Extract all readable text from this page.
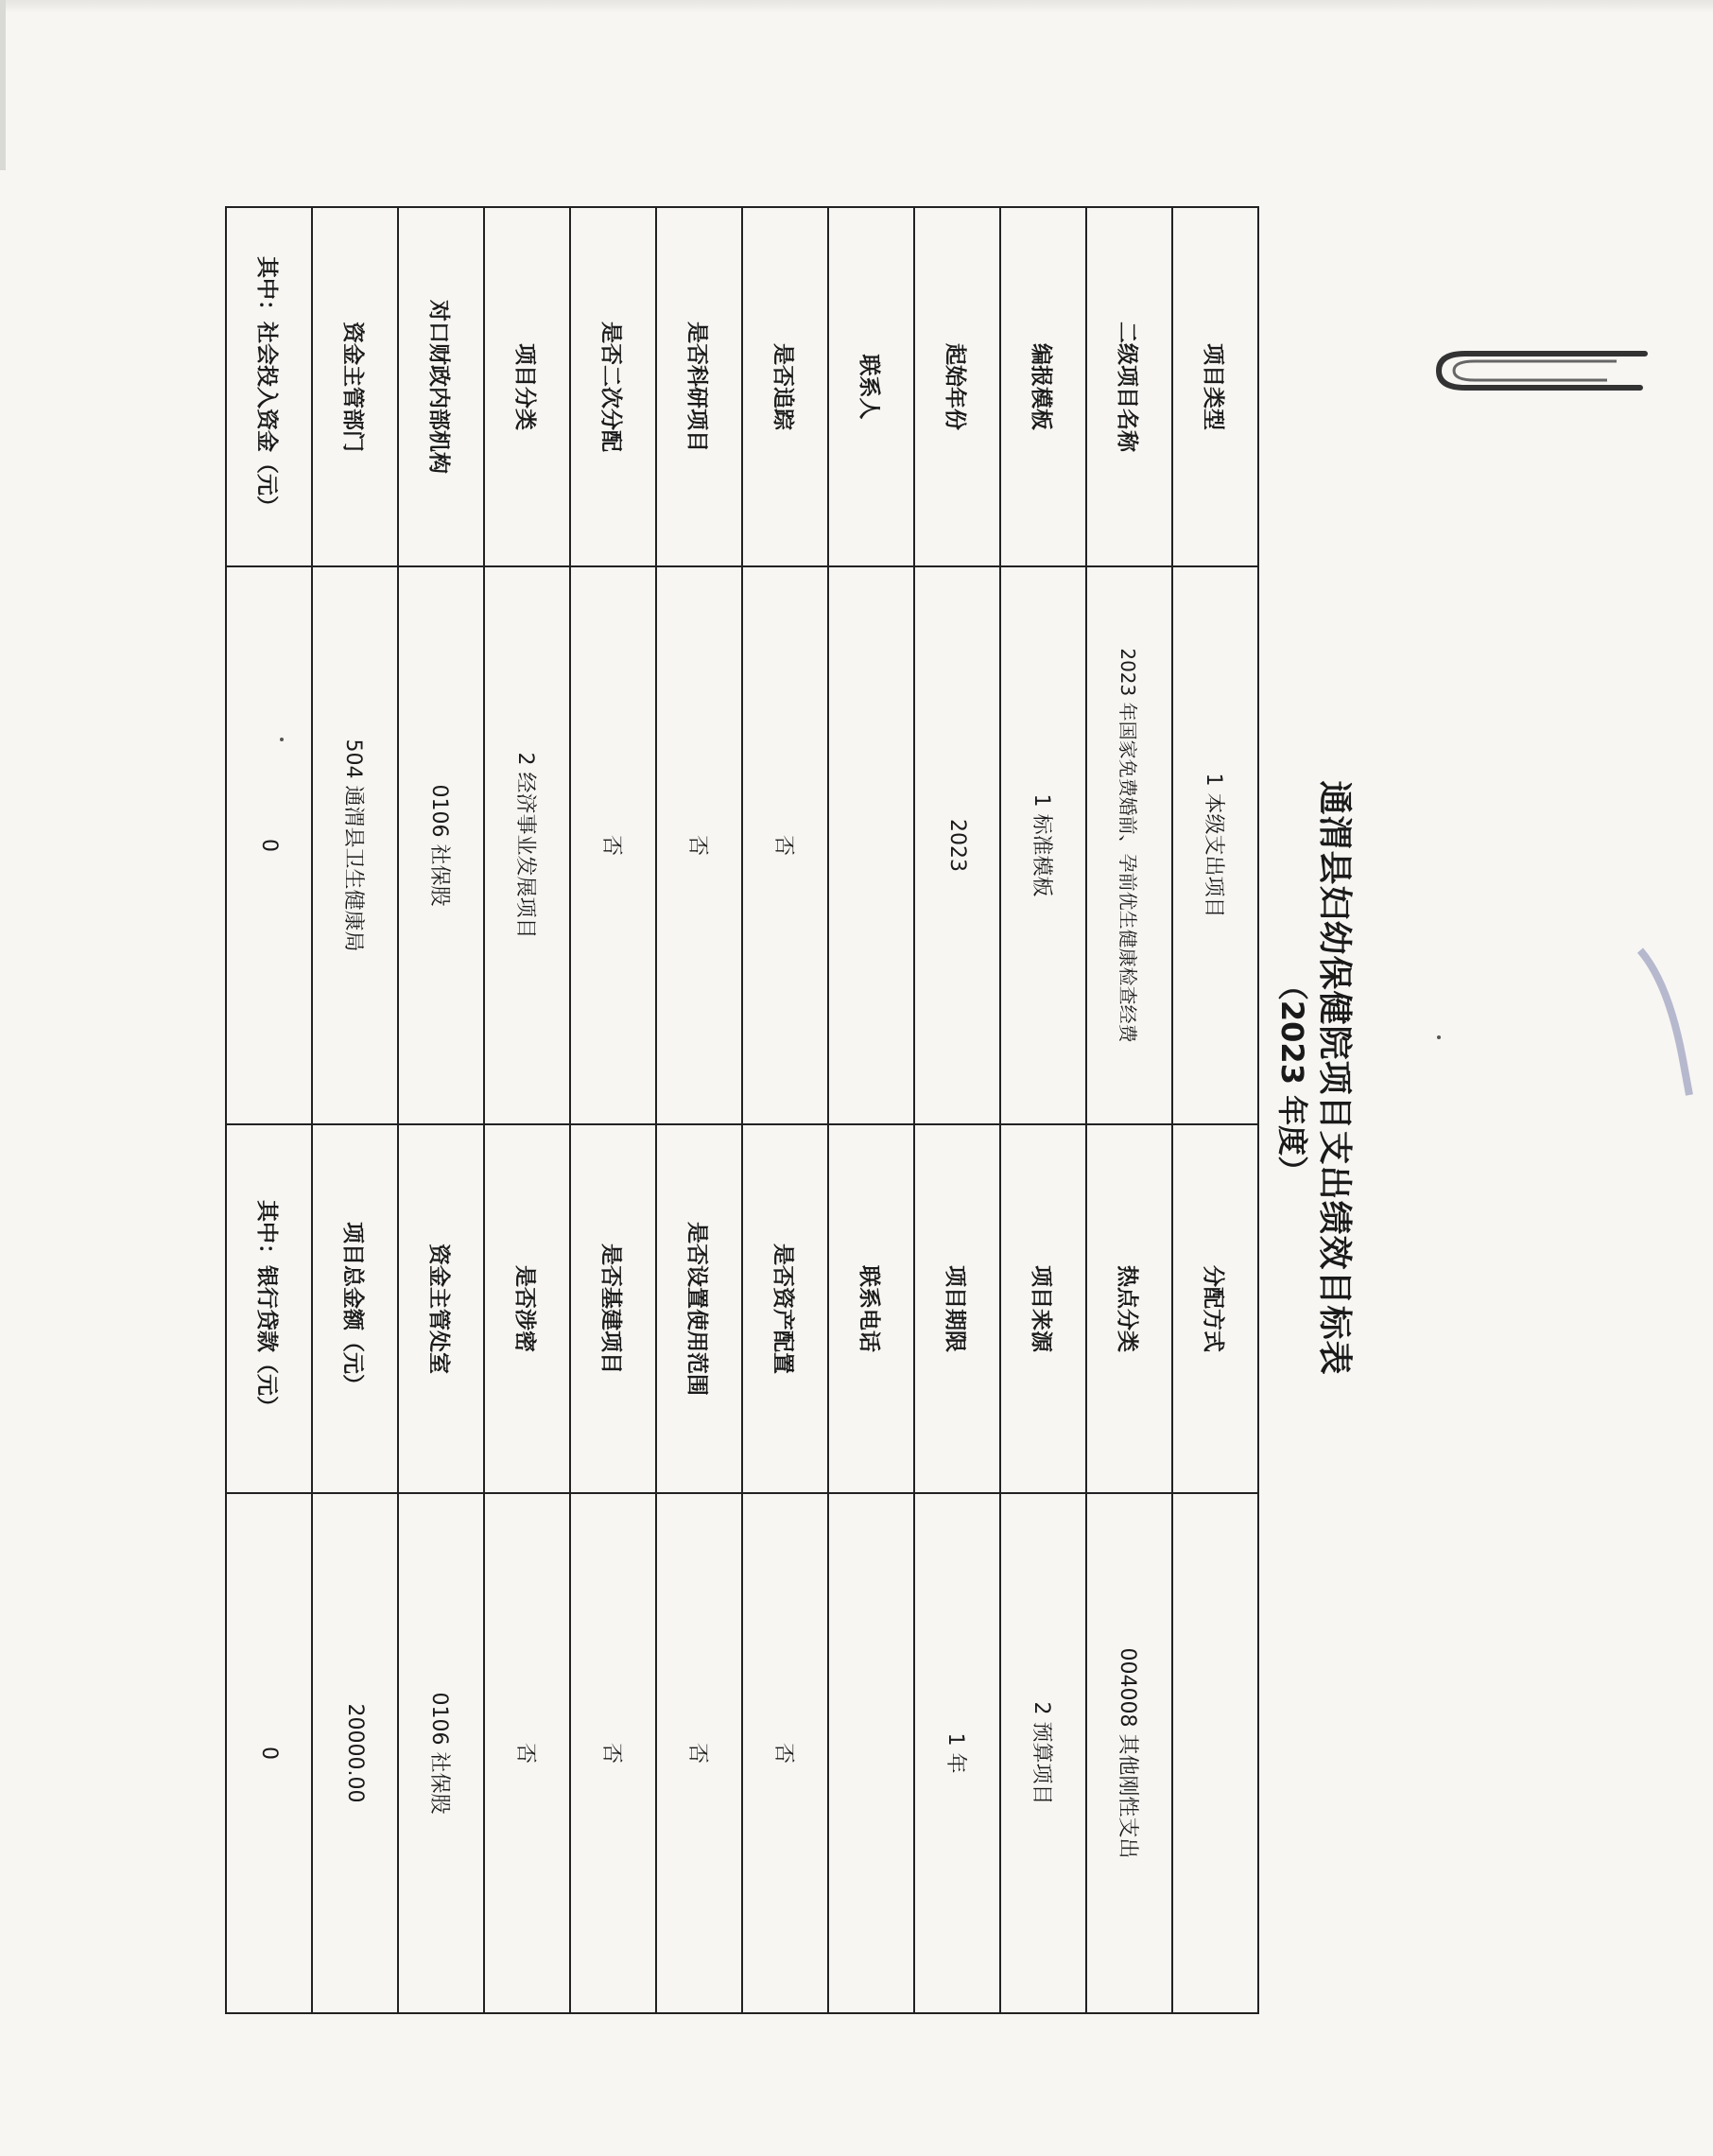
通渭县妇幼保健院项目支出绩效目标表
（2023 年度）
项目类型	1 本级支出项目	分配方式	
二级项目名称	2023 年国家免费婚前、孕前优生健康检查经费	热点分类	004008 其他刚性支出
编报模板	1 标准模板	项目来源	2 预算项目
起始年份	2023	项目期限	1 年
联系人		联系电话	
是否追踪	否	是否资产配置	否
是否科研项目	否	是否设置使用范围	否
是否二次分配	否	是否基建项目	否
项目分类	2 经济事业发展项目	是否涉密	否
对口财政内部机构	0106 社保股	资金主管处室	0106 社保股
资金主管部门	504 通渭县卫生健康局	项目总金额（元）	20000.00
其中：社会投入资金（元）	0	其中：银行贷款（元）	0
